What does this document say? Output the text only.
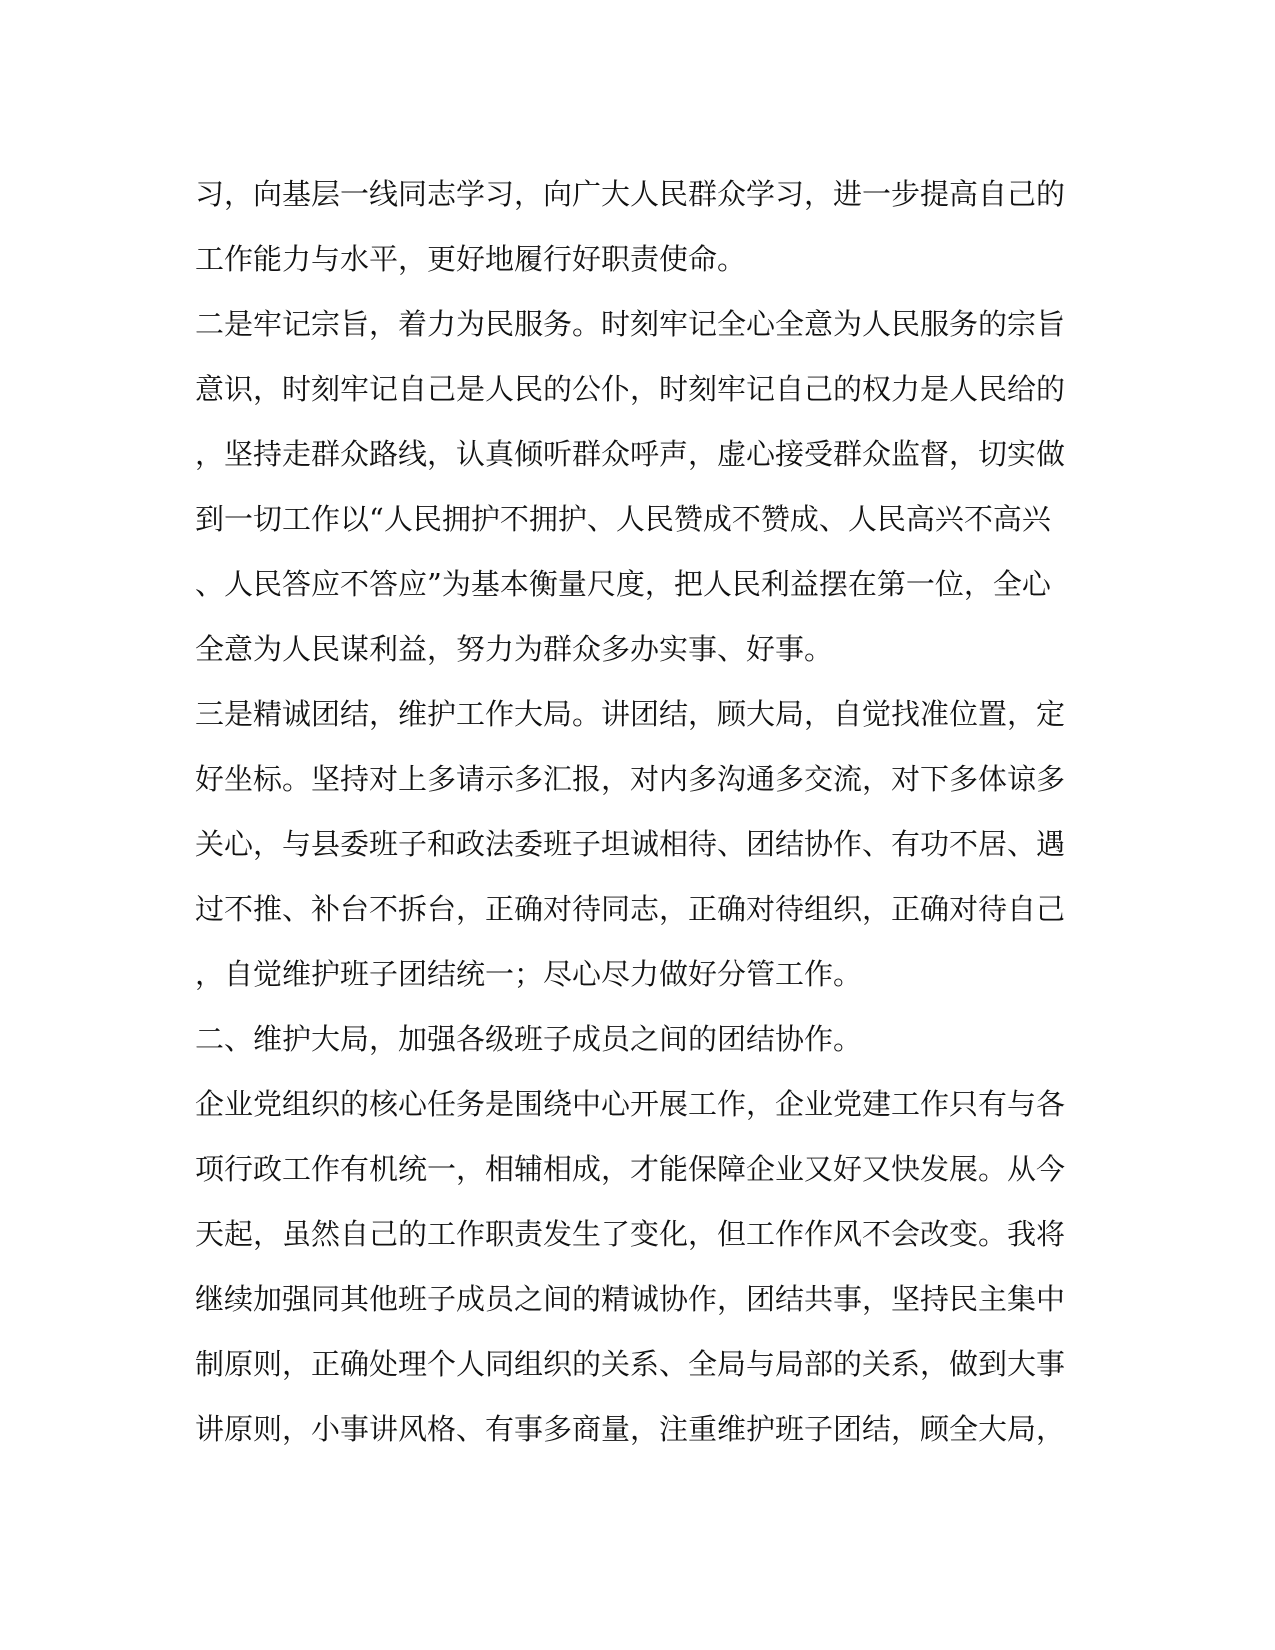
习，向基层一线同志学习，向广大人民群众学习，进一步提高自己的
工作能力与水平，更好地履行好职责使命。
二是牢记宗旨，着力为民服务。时刻牢记全心全意为人民服务的宗旨
意识，时刻牢记自己是人民的公仆，时刻牢记自己的权力是人民给的
，坚持走群众路线，认真倾听群众呼声，虚心接受群众监督，切实做
到一切工作以“人民拥护不拥护、人民赞成不赞成、人民高兴不高兴
、人民答应不答应”为基本衡量尺度，把人民利益摆在第一位，全心
全意为人民谋利益，努力为群众多办实事、好事。
三是精诚团结，维护工作大局。讲团结，顾大局，自觉找准位置，定
好坐标。坚持对上多请示多汇报，对内多沟通多交流，对下多体谅多
关心，与县委班子和政法委班子坦诚相待、团结协作、有功不居、遇
过不推、补台不拆台，正确对待同志，正确对待组织，正确对待自己
，自觉维护班子团结统一；尽心尽力做好分管工作。
二、维护大局，加强各级班子成员之间的团结协作。
企业党组织的核心任务是围绕中心开展工作，企业党建工作只有与各
项行政工作有机统一，相辅相成，才能保障企业又好又快发展。从今
天起，虽然自己的工作职责发生了变化，但工作作风不会改变。我将
继续加强同其他班子成员之间的精诚协作，团结共事，坚持民主集中
制原则，正确处理个人同组织的关系、全局与局部的关系，做到大事
讲原则，小事讲风格、有事多商量，注重维护班子团结，顾全大局，
